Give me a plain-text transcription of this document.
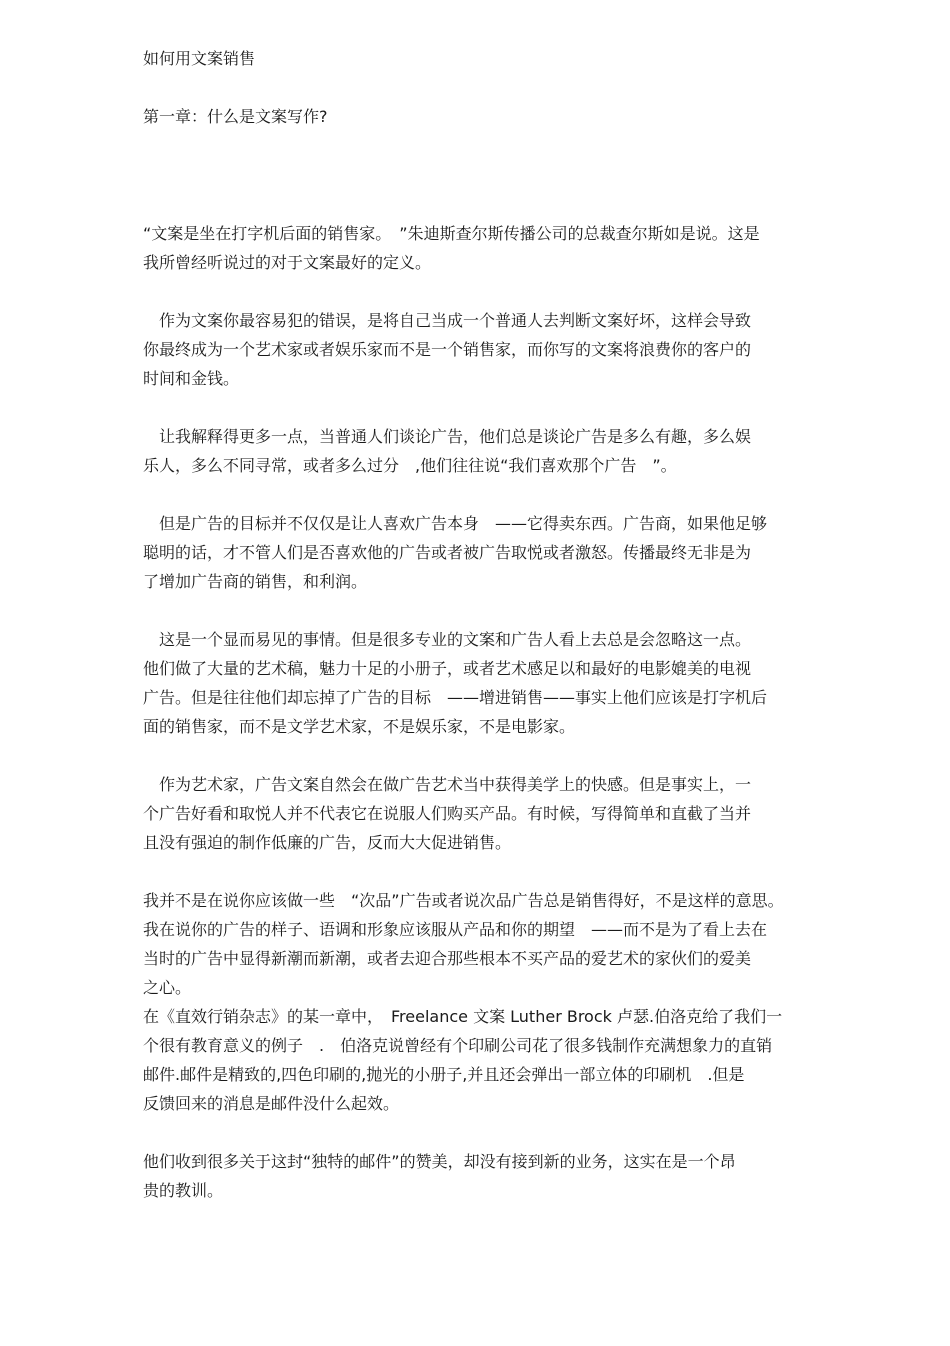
如何用文案销售
第一章：什么是文案写作?

“文案是坐在打字机后面的销售家。　”朱迪斯查尔斯传播公司的总裁查尔斯如是说。这是
我所曾经听说过的对于文案最好的定义。

　作为文案你最容易犯的错误，是将自己当成一个普通人去判断文案好坏，这样会导致
你最终成为一个艺术家或者娱乐家而不是一个销售家，而你写的文案将浪费你的客户的
时间和金钱。

　让我解释得更多一点，当普通人们谈论广告，他们总是谈论广告是多么有趣，多么娱
乐人，多么不同寻常，或者多么过分　,他们往往说“我们喜欢那个广告　”。

　但是广告的目标并不仅仅是让人喜欢广告本身　——它得卖东西。广告商，如果他足够
聪明的话，才不管人们是否喜欢他的广告或者被广告取悦或者激怒。传播最终无非是为
了增加广告商的销售，和利润。

　这是一个显而易见的事情。但是很多专业的文案和广告人看上去总是会忽略这一点。
他们做了大量的艺术稿，魅力十足的小册子，或者艺术感足以和最好的电影媲美的电视
广告。但是往往他们却忘掉了广告的目标　——增进销售——事实上他们应该是打字机后
面的销售家，而不是文学艺术家，不是娱乐家，不是电影家。

　作为艺术家，广告文案自然会在做广告艺术当中获得美学上的快感。但是事实上，一
个广告好看和取悦人并不代表它在说服人们购买产品。有时候，写得简单和直截了当并
且没有强迫的制作低廉的广告，反而大大促进销售。

我并不是在说你应该做一些　“次品”广告或者说次品广告总是销售得好，不是这样的意思。
我在说你的广告的样子、语调和形象应该服从产品和你的期望　——而不是为了看上去在
当时的广告中显得新潮而新潮，或者去迎合那些根本不买产品的爱艺术的家伙们的爱美
之心。
在《直效行销杂志》的某一章中，　Freelance 文案 Luther Brock 卢瑟.伯洛克给了我们一
个很有教育意义的例子　.　伯洛克说曾经有个印刷公司花了很多钱制作充满想象力的直销
邮件.邮件是精致的,四色印刷的,抛光的小册子,并且还会弹出一部立体的印刷机　.但是
反馈回来的消息是邮件没什么起效。

他们收到很多关于这封“独特的邮件”的赞美，却没有接到新的业务，这实在是一个昂
贵的教训。
